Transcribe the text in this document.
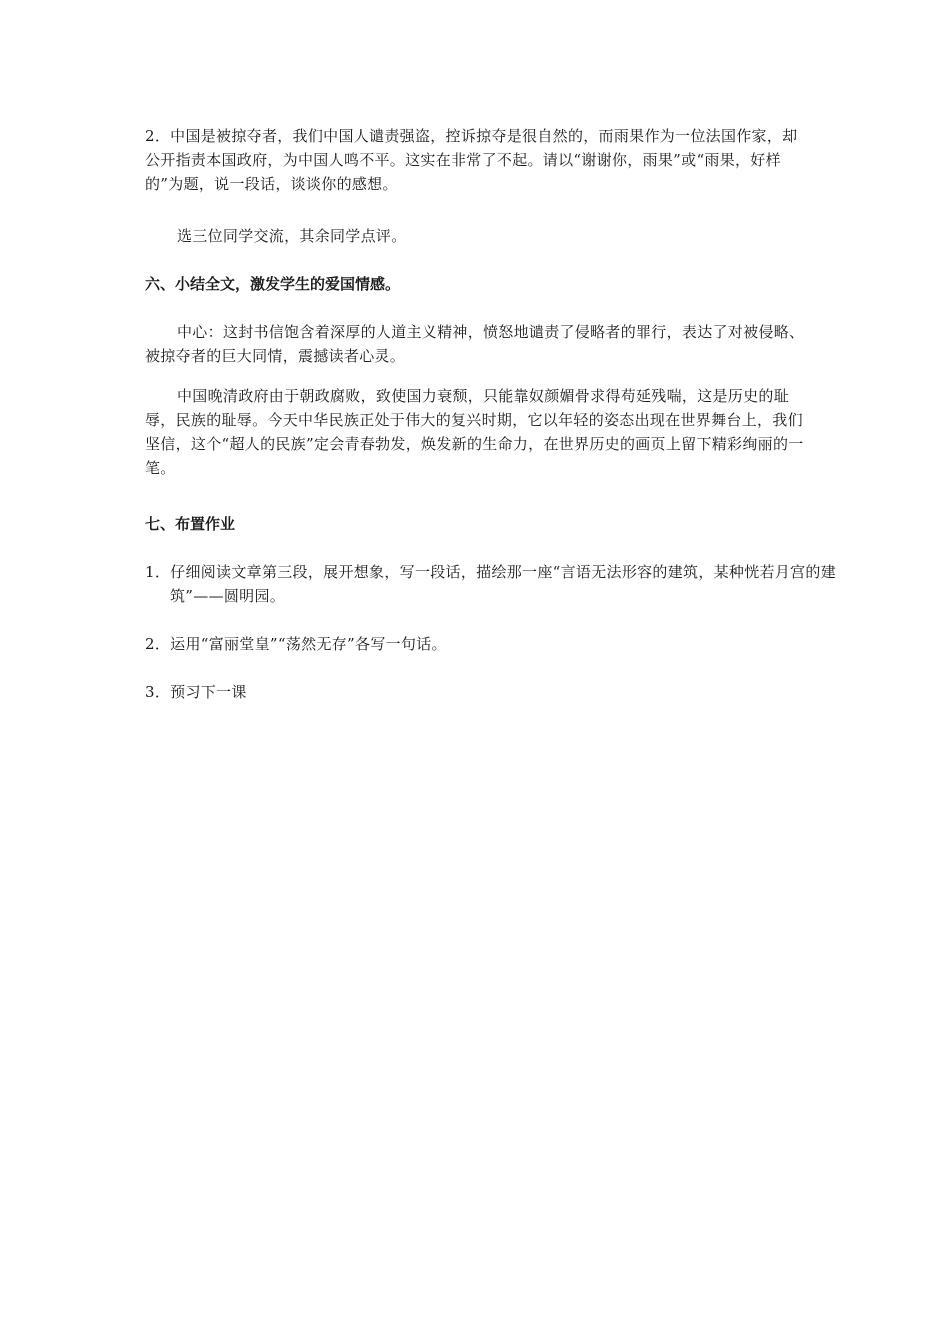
2．中国是被掠夺者，我们中国人谴责强盗，控诉掠夺是很自然的，而雨果作为一位法国作家，却公开指责本国政府，为中国人鸣不平。这实在非常了不起。请以“谢谢你，雨果”或“雨果，好样的”为题，说一段话，谈谈你的感想。

选三位同学交流，其余同学点评。

六、小结全文，激发学生的爱国情感。

中心：这封书信饱含着深厚的人道主义精神，愤怒地谴责了侵略者的罪行，表达了对被侵略、被掠夺者的巨大同情，震撼读者心灵。

中国晚清政府由于朝政腐败，致使国力衰颓，只能靠奴颜媚骨求得苟延残喘，这是历史的耻辱，民族的耻辱。今天中华民族正处于伟大的复兴时期，它以年轻的姿态出现在世界舞台上，我们坚信，这个“超人的民族”定会青春勃发，焕发新的生命力，在世界历史的画页上留下精彩绚丽的一笔。

七、布置作业

1．仔细阅读文章第三段，展开想象，写一段话，描绘那一座“言语无法形容的建筑，某种恍若月宫的建筑”——圆明园。

2．运用“富丽堂皇”“荡然无存”各写一句话。

3．预习下一课
